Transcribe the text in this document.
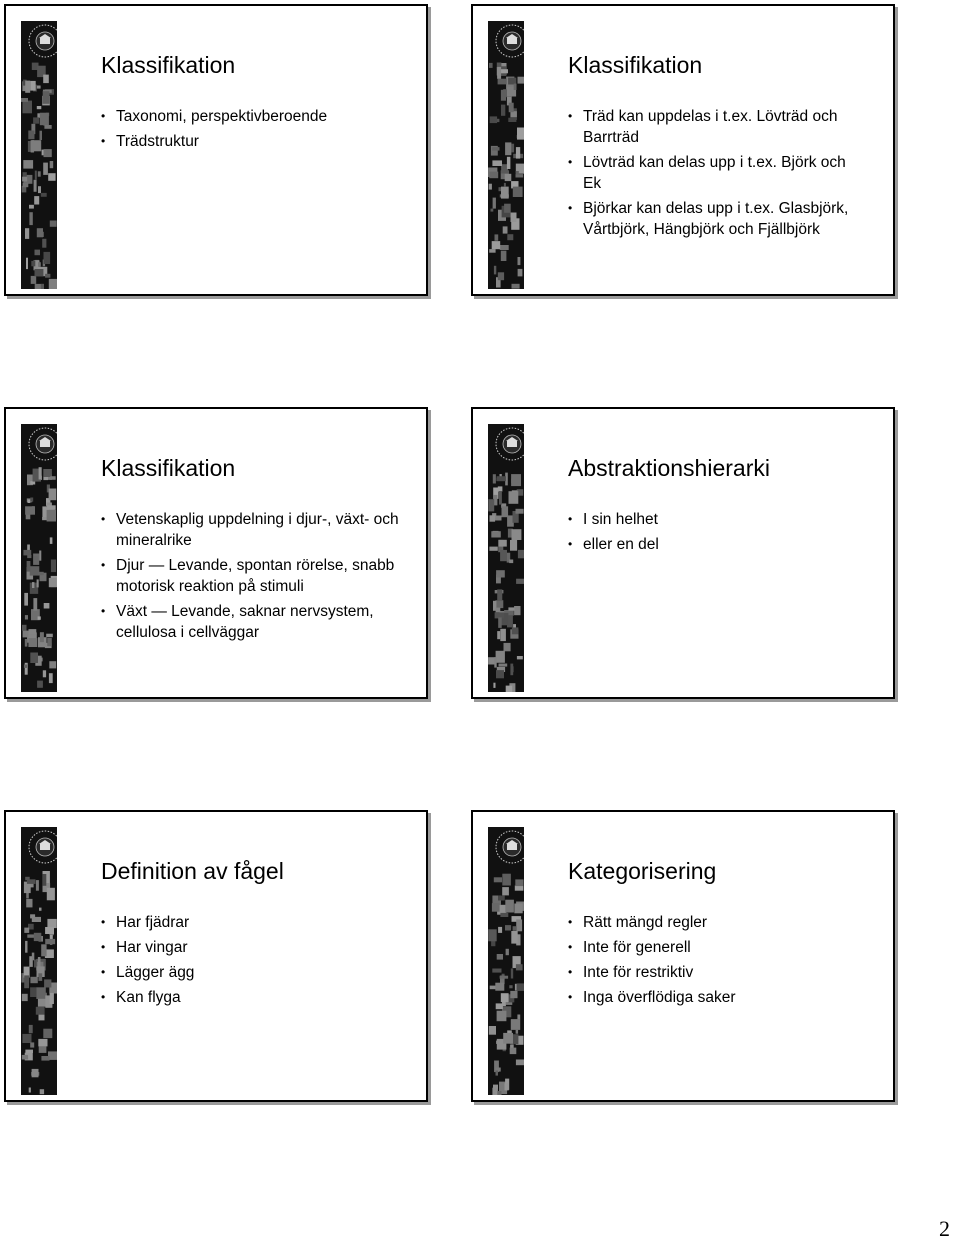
Klassifikation
• Taxonomi, perspektivberoende
• Trädstruktur
Klassifikation
• Träd kan uppdelas i t.ex. Lövträd och Barrträd
• Lövträd kan delas upp i t.ex. Björk och Ek
• Björkar kan delas upp i t.ex. Glasbjörk, Vårtbjörk, Hängbjörk och Fjällbjörk
Klassifikation
• Vetenskaplig uppdelning i djur-, växt- och mineralrike
• Djur — Levande, spontan rörelse, snabb motorisk reaktion på stimuli
• Växt — Levande, saknar nervsystem, cellulosa i cellväggar
Abstraktionshierarki
• I sin helhet
• eller en del
Definition av fågel
• Har fjädrar
• Har vingar
• Lägger ägg
• Kan flyga
Kategorisering
• Rätt mängd regler
• Inte för generell
• Inte för restriktiv
• Inga överflödiga saker
2
